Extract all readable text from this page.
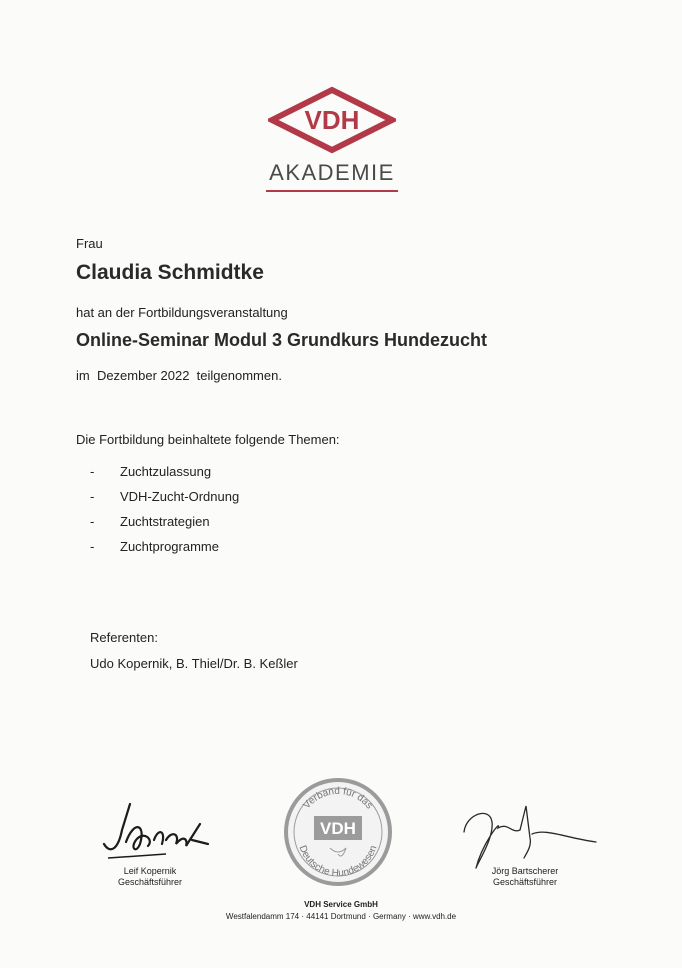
VDH
AKADEMIE
Frau
Claudia Schmidtke
hat an der Fortbildungsveranstaltung
Online-Seminar Modul 3 Grundkurs Hundezucht
im  Dezember 2022  teilgenommen.
Die Fortbildung beinhaltete folgende Themen:
- Zuchtzulassung
- VDH-Zucht-Ordnung
- Zuchtstrategien
- Zuchtprogramme
Referenten:
Udo Kopernik, B. Thiel/Dr. B. Keßler
Leif Kopernik
Geschäftsführer
Verband für das
Deutsche Hundewesen
VDH
Jörg Bartscherer
Geschäftsführer
VDH Service GmbH
Westfalendamm 174 · 44141 Dortmund · Germany · www.vdh.de
